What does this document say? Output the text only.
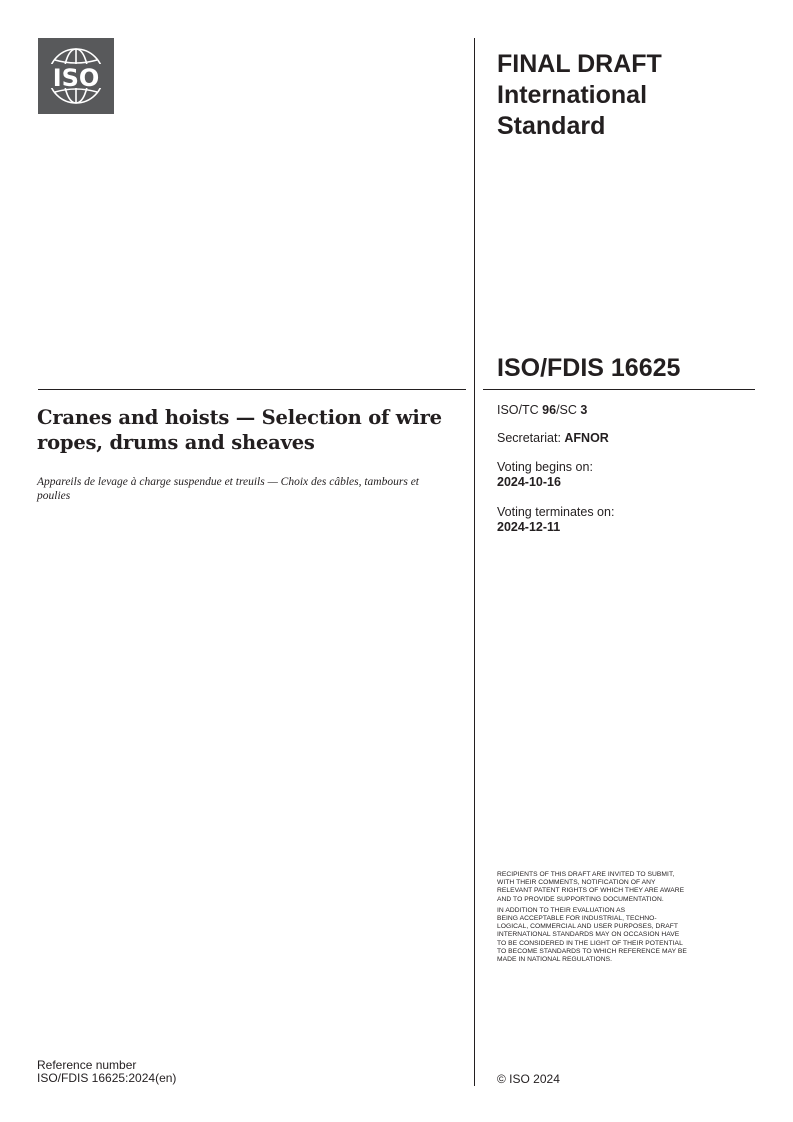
ISO	FINAL DRAFT
International
Standard
ISO/FDIS 16625
Cranes and hoists — Selection of wire ropes, drums and sheaves
Appareils de levage à charge suspendue et treuils — Choix des câbles, tambours et poulies
ISO/TC 96/SC 3
Secretariat: AFNOR
Voting begins on:
2024-10-16
Voting terminates on:
2024-12-11

RECIPIENTS OF THIS DRAFT ARE INVITED TO SUBMIT,
WITH THEIR COMMENTS, NOTIFICATION OF ANY
RELEVANT PATENT RIGHTS OF WHICH THEY ARE AWARE
AND TO PROVIDE SUPPORTING DOCUMENTATION.

IN ADDITION TO THEIR EVALUATION AS
BEING ACCEPTABLE FOR INDUSTRIAL, TECHNO-
LOGICAL, COMMERCIAL AND USER PURPOSES, DRAFT
INTERNATIONAL STANDARDS MAY ON OCCASION HAVE
TO BE CONSIDERED IN THE LIGHT OF THEIR POTENTIAL
TO BECOME STANDARDS TO WHICH REFERENCE MAY BE
MADE IN NATIONAL REGULATIONS.

Reference number
ISO/FDIS 16625:2024(en)	© ISO 2024
